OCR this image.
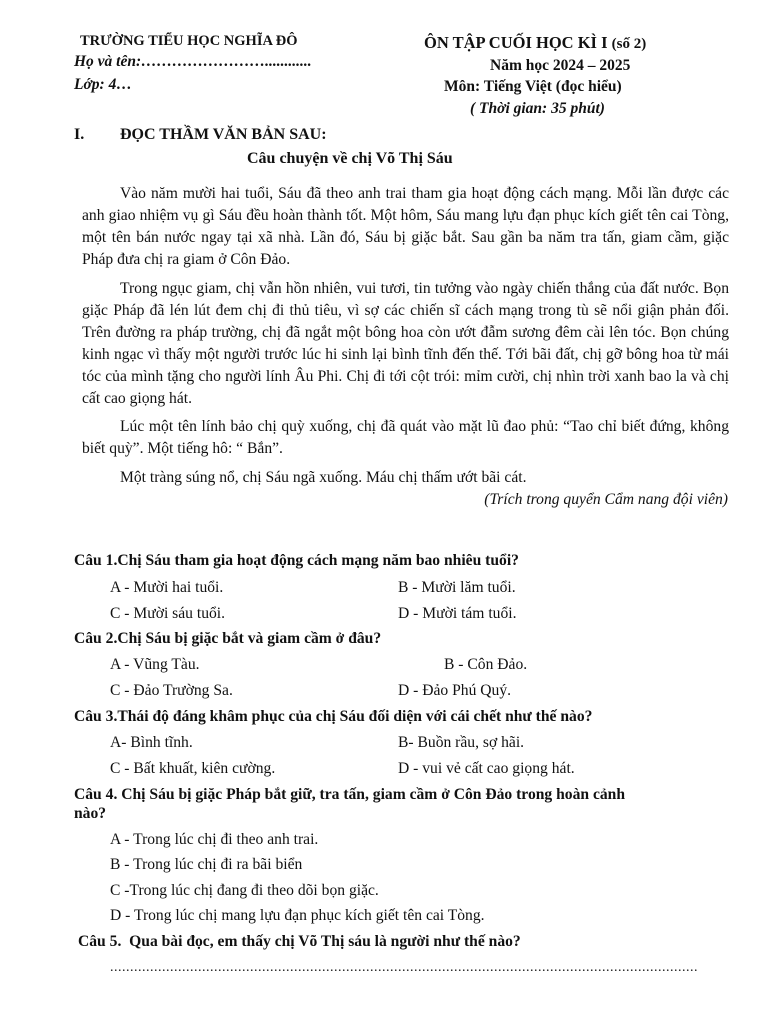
TRƯỜNG TIỂU HỌC NGHĨA ĐÔ
Họ và tên:……………………............
Lớp: 4…
ÔN TẬP CUỐI HỌC KÌ I (số 2)
Năm học 2024 – 2025
Môn: Tiếng Việt (đọc hiểu)
( Thời gian: 35 phút)
I. ĐỌC THẦM VĂN BẢN SAU:
Câu chuyện về chị Võ Thị Sáu

Vào năm mười hai tuổi, Sáu đã theo anh trai tham gia hoạt động cách mạng. Mỗi lần được các anh giao nhiệm vụ gì Sáu đều hoàn thành tốt. Một hôm, Sáu mang lựu đạn phục kích giết tên cai Tòng, một tên bán nước ngay tại xã nhà. Lần đó, Sáu bị giặc bắt. Sau gần ba năm tra tấn, giam cầm, giặc Pháp đưa chị ra giam ở Côn Đảo.

Trong ngục giam, chị vẫn hồn nhiên, vui tươi, tin tưởng vào ngày chiến thắng của đất nước. Bọn giặc Pháp đã lén lút đem chị đi thủ tiêu, vì sợ các chiến sĩ cách mạng trong tù sẽ nổi giận phản đối. Trên đường ra pháp trường, chị đã ngắt một bông hoa còn ướt đẫm sương đêm cài lên tóc. Bọn chúng kinh ngạc vì thấy một người trước lúc hi sinh lại bình tĩnh đến thế. Tới bãi đất, chị gỡ bông hoa từ mái tóc của mình tặng cho người lính Âu Phi. Chị đi tới cột trói: mỉm cười, chị nhìn trời xanh bao la và chị cất cao giọng hát.

Lúc một tên lính bảo chị quỳ xuống, chị đã quát vào mặt lũ đao phủ: “Tao chỉ biết đứng, không biết quỳ”. Một tiếng hô: “ Bắn”.

Một tràng súng nổ, chị Sáu ngã xuống. Máu chị thấm ướt bãi cát.

(Trích trong quyển Cẩm nang đội viên)
Câu 1.Chị Sáu tham gia hoạt động cách mạng năm bao nhiêu tuổi?
A - Mười hai tuổi.	B - Mười lăm tuổi.
C - Mười sáu tuổi.	D - Mười tám tuổi.
Câu 2.Chị Sáu bị giặc bắt và giam cầm ở đâu?
A - Vũng Tàu.	B - Côn Đảo.
C - Đảo Trường Sa.	D - Đảo Phú Quý.
Câu 3.Thái độ đáng khâm phục của chị Sáu đối diện với cái chết như thế nào?
A- Bình tĩnh.	B- Buồn rầu, sợ hãi.
C - Bất khuất, kiên cường.	D - vui vẻ cất cao giọng hát.
Câu 4. Chị Sáu bị giặc Pháp bắt giữ, tra tấn, giam cầm ở Côn Đảo trong hoàn cảnh
nào?
A - Trong lúc chị đi theo anh trai.
B - Trong lúc chị đi ra bãi biển
C -Trong lúc chị đang đi theo dõi bọn giặc.
D - Trong lúc chị mang lựu đạn phục kích giết tên cai Tòng.
Câu 5.  Qua bài đọc, em thấy chị Võ Thị sáu là người như thế nào?
...................................................................................................................................................
